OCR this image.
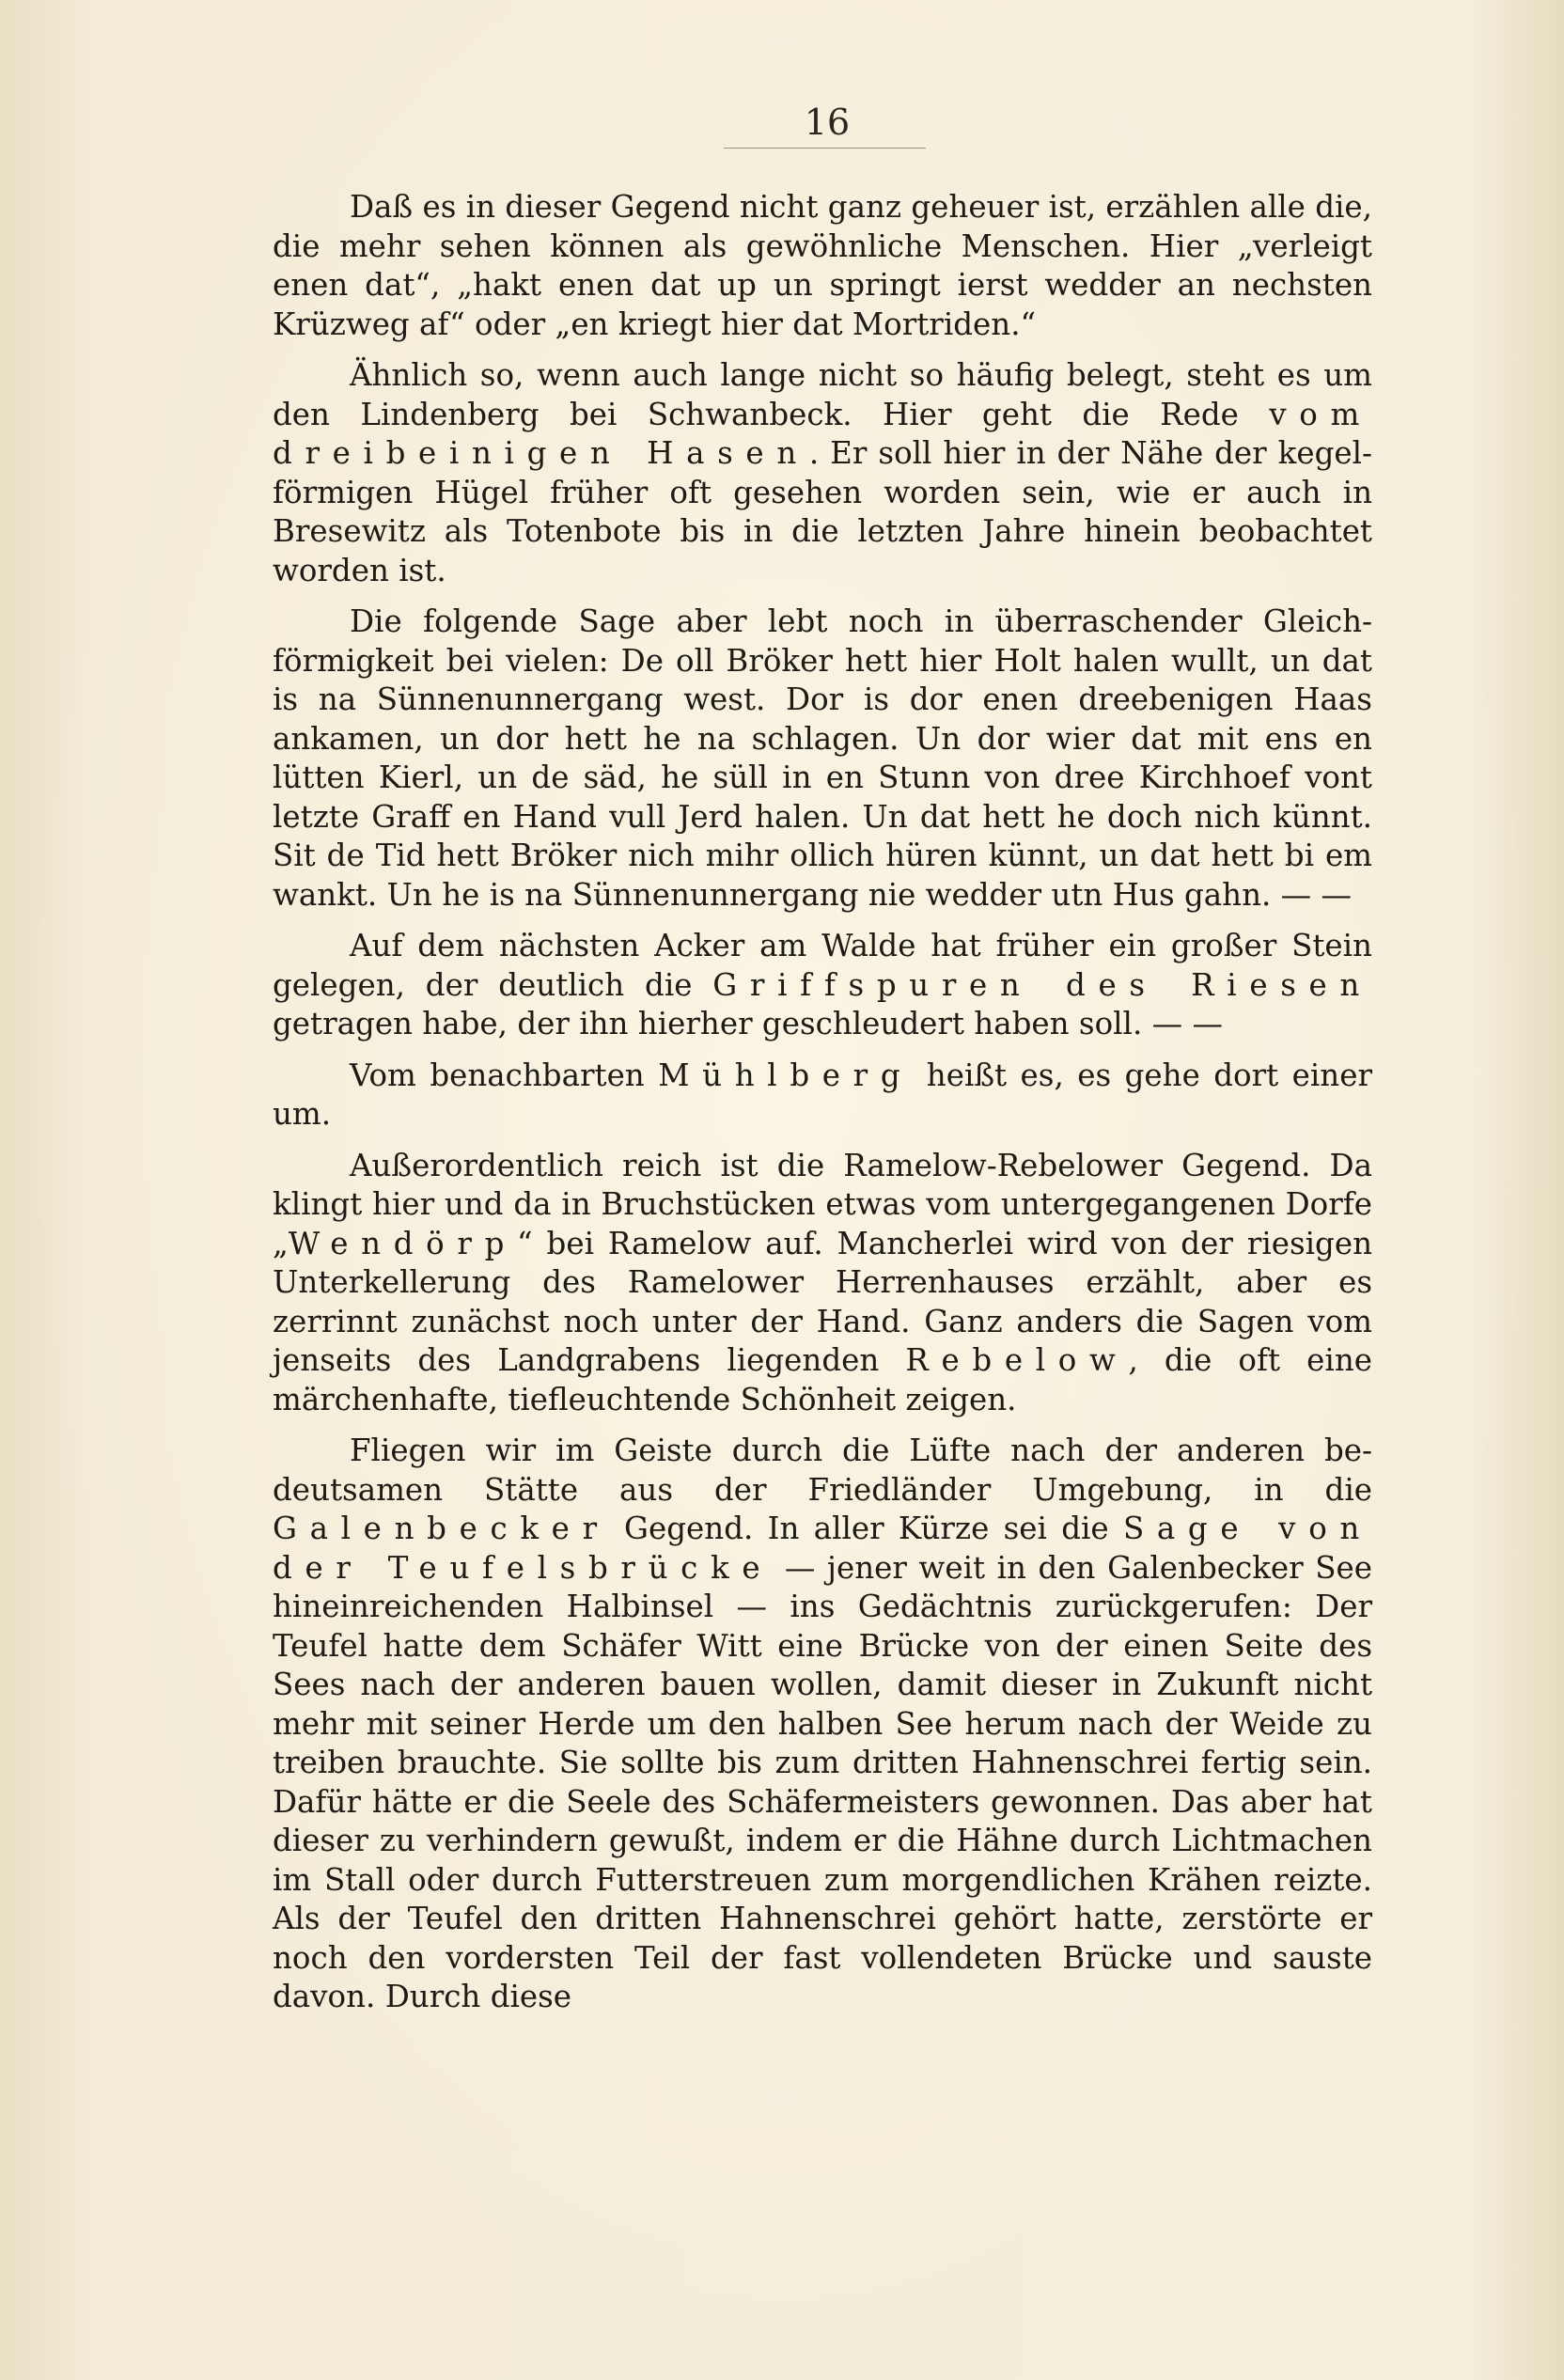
16

Daß es in dieser Gegend nicht ganz geheuer ist, erzählen alle die, die mehr sehen können als gewöhnliche Menschen. Hier „verleigt enen dat“, „hakt enen dat up un springt ierst wedder an nechsten Krüzweg af“ oder „en kriegt hier dat Mortriden.“

Ähnlich so, wenn auch lange nicht so häufig belegt, steht es um den Lindenberg bei Schwanbeck. Hier geht die Rede vom dreibeinigen Hasen. Er soll hier in der Nähe der kegelförmigen Hügel früher oft gesehen worden sein, wie er auch in Bresewitz als Totenbote bis in die letzten Jahre hinein beobachtet worden ist.

Die folgende Sage aber lebt noch in überraschender Gleichförmigkeit bei vielen: De oll Bröker hett hier Holt halen wullt, un dat is na Sünnenunnergang west. Dor is dor enen dreebenigen Haas ankamen, un dor hett he na schlagen. Un dor wier dat mit ens en lütten Kierl, un de säd, he süll in en Stunn von dree Kirchhoef vont letzte Graff en Hand vull Jerd halen. Un dat hett he doch nich künnt. Sit de Tid hett Bröker nich mihr ollich hüren künnt, un dat hett bi em wankt. Un he is na Sünnenunnergang nie wedder utn Hus gahn. — —

Auf dem nächsten Acker am Walde hat früher ein großer Stein gelegen, der deutlich die Griffspuren des Riesen getragen habe, der ihn hierher geschleudert haben soll. — —

Vom benachbarten Mühlberg heißt es, es gehe dort einer um.

Außerordentlich reich ist die Ramelow-Rebelower Gegend. Da klingt hier und da in Bruchstücken etwas vom untergegangenen Dorfe „Wendörp“ bei Ramelow auf. Mancherlei wird von der riesigen Unterkellerung des Ramelower Herrenhauses erzählt, aber es zerrinnt zunächst noch unter der Hand. Ganz anders die Sagen vom jenseits des Landgrabens liegenden Rebelow, die oft eine märchenhafte, tiefleuchtende Schönheit zeigen.

Fliegen wir im Geiste durch die Lüfte nach der anderen bedeutsamen Stätte aus der Friedländer Umgebung, in die Galenbecker Gegend. In aller Kürze sei die Sage von der Teufelsbrücke — jener weit in den Galenbecker See hineinreichenden Halbinsel — ins Gedächtnis zurückgerufen: Der Teufel hatte dem Schäfer Witt eine Brücke von der einen Seite des Sees nach der anderen bauen wollen, damit dieser in Zukunft nicht mehr mit seiner Herde um den halben See herum nach der Weide zu treiben brauchte. Sie sollte bis zum dritten Hahnenschrei fertig sein. Dafür hätte er die Seele des Schäfermeisters gewonnen. Das aber hat dieser zu verhindern gewußt, indem er die Hähne durch Lichtmachen im Stall oder durch Futterstreuen zum morgendlichen Krähen reizte. Als der Teufel den dritten Hahnenschrei gehört hatte, zerstörte er noch den vordersten Teil der fast vollendeten Brücke und sauste davon. Durch diese
